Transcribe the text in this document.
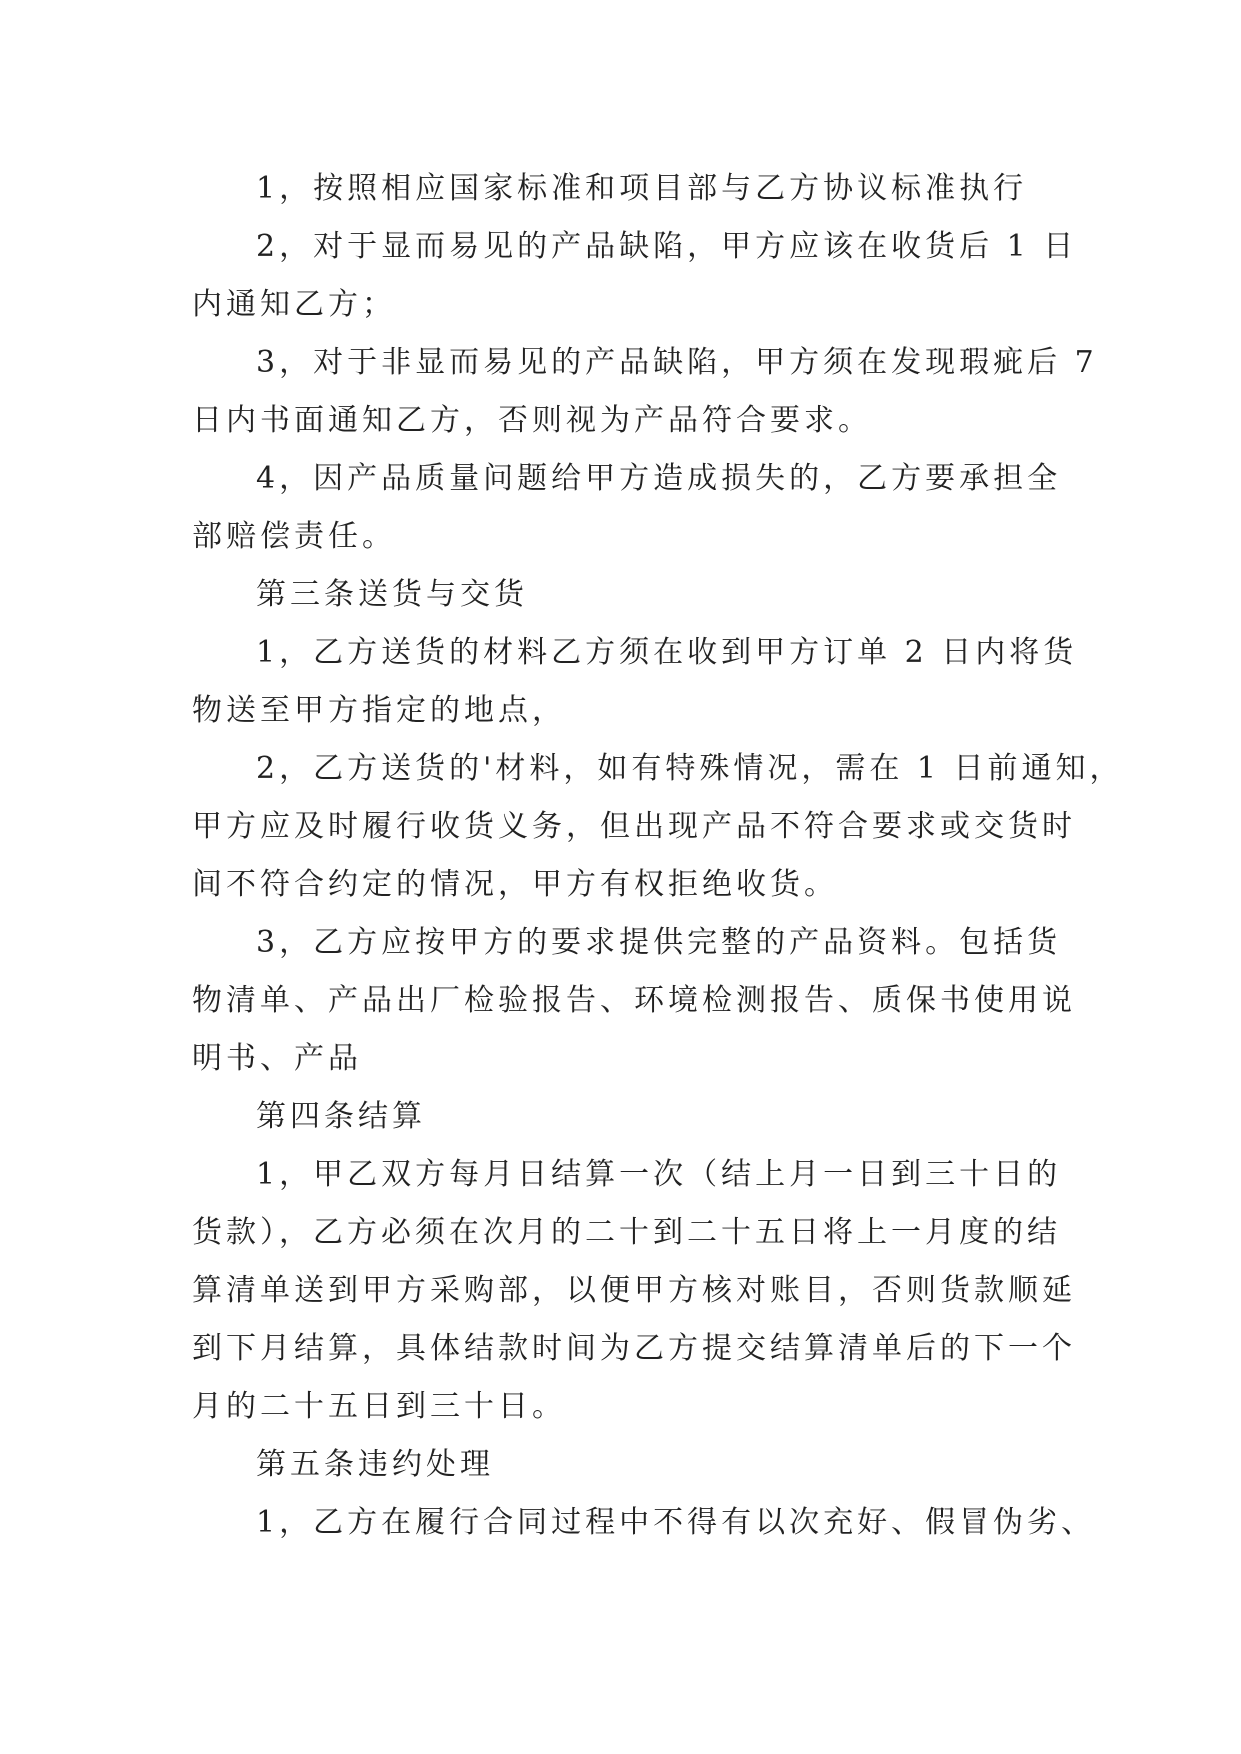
1，按照相应国家标准和项目部与乙方协议标准执行
2，对于显而易见的产品缺陷，甲方应该在收货后 1 日
内通知乙方；
3，对于非显而易见的产品缺陷，甲方须在发现瑕疵后 7
日内书面通知乙方，否则视为产品符合要求。
4，因产品质量问题给甲方造成损失的，乙方要承担全
部赔偿责任。
第三条送货与交货
1，乙方送货的材料乙方须在收到甲方订单 2 日内将货
物送至甲方指定的地点，
2，乙方送货的'材料，如有特殊情况，需在 1 日前通知，
甲方应及时履行收货义务，但出现产品不符合要求或交货时
间不符合约定的情况，甲方有权拒绝收货。
3，乙方应按甲方的要求提供完整的产品资料。包括货
物清单、产品出厂检验报告、环境检测报告、质保书使用说
明书、产品
第四条结算
1，甲乙双方每月日结算一次（结上月一日到三十日的
货款），乙方必须在次月的二十到二十五日将上一月度的结
算清单送到甲方采购部，以便甲方核对账目，否则货款顺延
到下月结算，具体结款时间为乙方提交结算清单后的下一个
月的二十五日到三十日。
第五条违约处理
1，乙方在履行合同过程中不得有以次充好、假冒伪劣、
